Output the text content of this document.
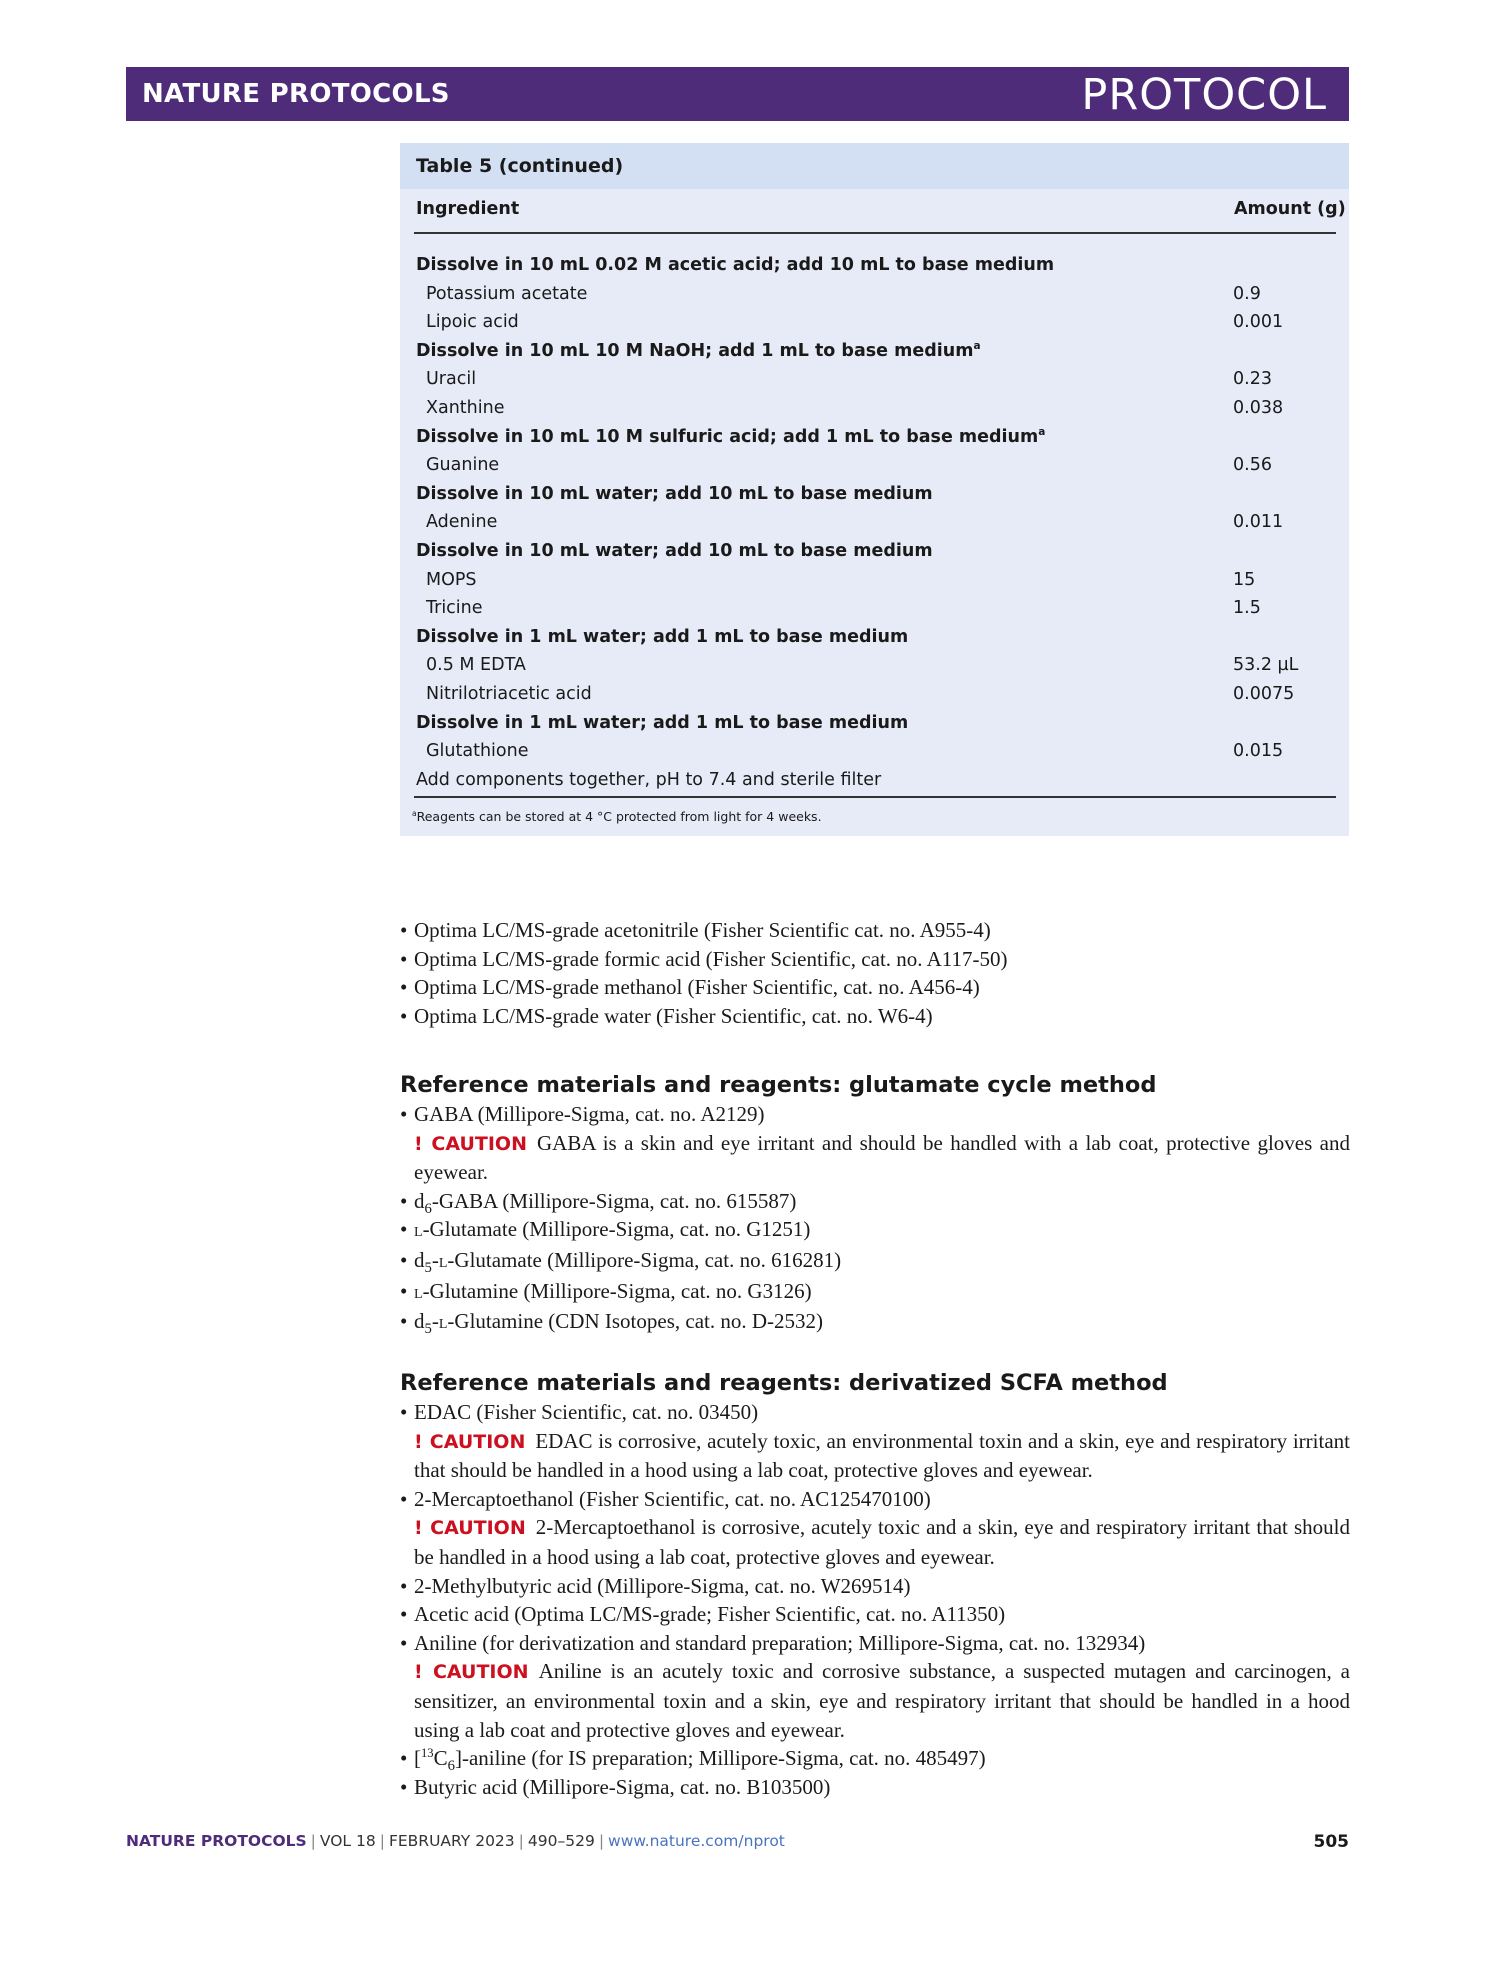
NATURE PROTOCOLS	PROTOCOL
Table 5 (continued)
Ingredient	Amount (g)
Dissolve in 10 mL 0.02 M acetic acid; add 10 mL to base medium
Potassium acetate	0.9
Lipoic acid	0.001
Dissolve in 10 mL 10 M NaOH; add 1 mL to base medium$^a$
Uracil	0.23
Xanthine	0.038
Dissolve in 10 mL 10 M sulfuric acid; add 1 mL to base medium$^a$
Guanine	0.56
Dissolve in 10 mL water; add 10 mL to base medium
Adenine	0.011
Dissolve in 10 mL water; add 10 mL to base medium
MOPS	15
Tricine	1.5
Dissolve in 1 mL water; add 1 mL to base medium
0.5 M EDTA	53.2 µL
Nitrilotriacetic acid	0.0075
Dissolve in 1 mL water; add 1 mL to base medium
Glutathione	0.015
Add components together, pH to 7.4 and sterile filter
$^a$Reagents can be stored at 4 °C protected from light for 4 weeks.
• Optima LC/MS-grade acetonitrile (Fisher Scientific cat. no. A955-4)
• Optima LC/MS-grade formic acid (Fisher Scientific, cat. no. A117-50)
• Optima LC/MS-grade methanol (Fisher Scientific, cat. no. A456-4)
• Optima LC/MS-grade water (Fisher Scientific, cat. no. W6-4)
Reference materials and reagents: glutamate cycle method
• GABA (Millipore-Sigma, cat. no. A2129)
! CAUTION GABA is a skin and eye irritant and should be handled with a lab coat, protective gloves and eyewear.
• $d_6$-GABA (Millipore-Sigma, cat. no. 615587)
• l-Glutamate (Millipore-Sigma, cat. no. G1251)
• $d_5-l$-Glutamate (Millipore-Sigma, cat. no. 616281)
• l-Glutamine (Millipore-Sigma, cat. no. G3126)
• $d_5-l$-Glutamine (CDN Isotopes, cat. no. D-2532)
Reference materials and reagents: derivatized SCFA method
• EDAC (Fisher Scientific, cat. no. 03450)
! CAUTION EDAC is corrosive, acutely toxic, an environmental toxin and a skin, eye and respiratory irritant that should be handled in a hood using a lab coat, protective gloves and eyewear.
• 2-Mercaptoethanol (Fisher Scientific, cat. no. AC125470100)
! CAUTION 2-Mercaptoethanol is corrosive, acutely toxic and a skin, eye and respiratory irritant that should be handled in a hood using a lab coat, protective gloves and eyewear.
• 2-Methylbutyric acid (Millipore-Sigma, cat. no. W269514)
• Acetic acid (Optima LC/MS-grade; Fisher Scientific, cat. no. A11350)
• Aniline (for derivatization and standard preparation; Millipore-Sigma, cat. no. 132934)
! CAUTION Aniline is an acutely toxic and corrosive substance, a suspected mutagen and carcinogen, a sensitizer, an environmental toxin and a skin, eye and respiratory irritant that should be handled in a hood using a lab coat and protective gloves and eyewear.
• $[^{13}C_6]$-aniline (for IS preparation; Millipore-Sigma, cat. no. 485497)
• Butyric acid (Millipore-Sigma, cat. no. B103500)
NATURE PROTOCOLS | VOL 18 | FEBRUARY 2023 | 490–529 | www.nature.com/nprot	505
